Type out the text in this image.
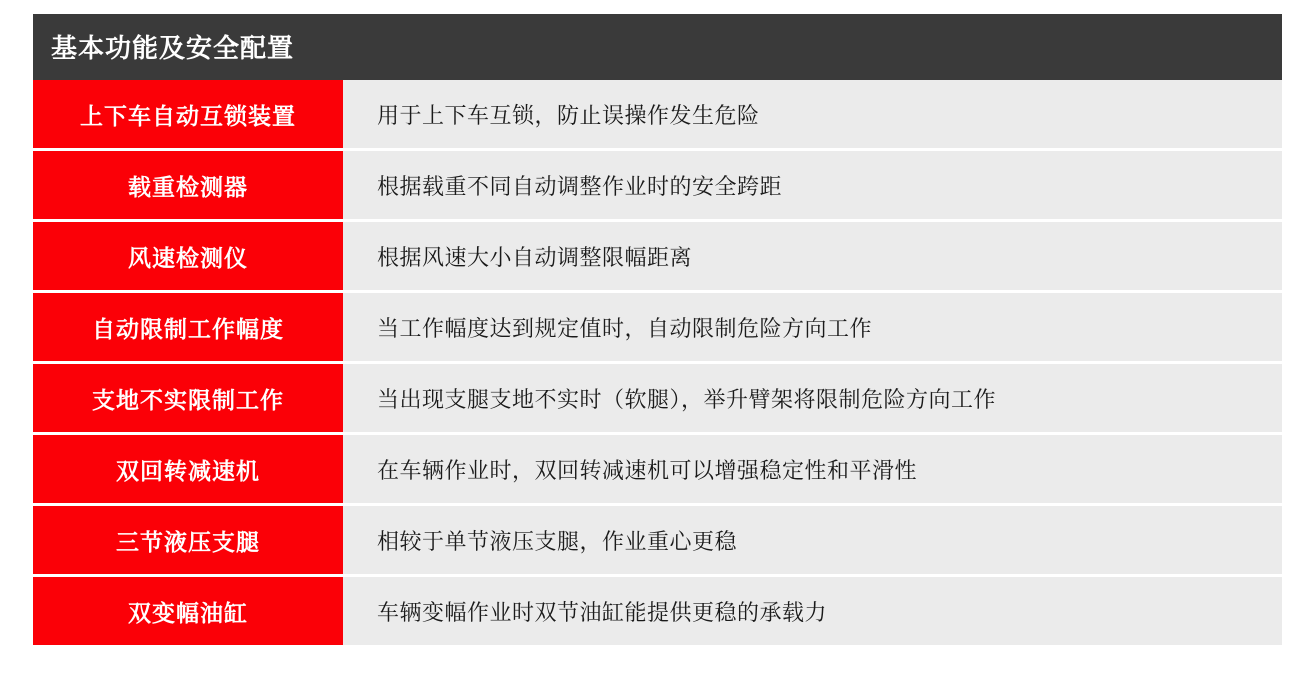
基本功能及安全配置	
上下车自动互锁装置	用于上下车互锁，防止误操作发生危险
载重检测器	根据载重不同自动调整作业时的安全跨距
风速检测仪	根据风速大小自动调整限幅距离
自动限制工作幅度	当工作幅度达到规定值时，自动限制危险方向工作
支地不实限制工作	当出现支腿支地不实时（软腿），举升臂架将限制危险方向工作
双回转减速机	在车辆作业时，双回转减速机可以增强稳定性和平滑性
三节液压支腿	相较于单节液压支腿，作业重心更稳
双变幅油缸	车辆变幅作业时双节油缸能提供更稳的承载力
